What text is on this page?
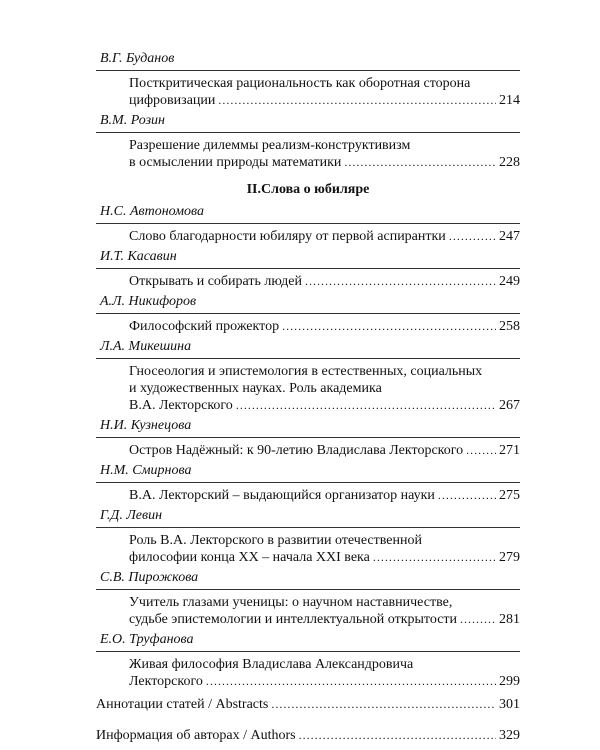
В.Г. Буданов
Посткритическая рациональность как оборотная сторона
цифровизации .....	214
В.М. Розин
Разрешение дилеммы реализм-конструктивизм
в осмыслении природы математики .....	228
II.Слова о юбиляре
Н.С. Автономова
Слово благодарности юбиляру от первой аспирантки .....	247
И.Т. Касавин
Открывать и собирать людей .....	249
А.Л. Никифоров
Философский прожектор .....	258
Л.А. Микешина
Гносеология и эпистемология в естественных, социальных
и художественных науках. Роль академика
В.А. Лекторского .....	267
Н.И. Кузнецова
Остров Надёжный: к 90-летию Владислава Лекторского .....	271
Н.М. Смирнова
В.А. Лекторский – выдающийся организатор науки .....	275
Г.Д. Левин
Роль В.А. Лекторского в развитии отечественной
философии конца XX – начала XXI века .....	279
С.В. Пирожкова
Учитель глазами ученицы: о научном наставничестве,
судьбе эпистемологии и интеллектуальной открытости .....	281
Е.О. Труфанова
Живая философия Владислава Александровича
Лекторского .....	299
Аннотации статей / Abstracts .....	301
Информация об авторах / Authors .....	329
